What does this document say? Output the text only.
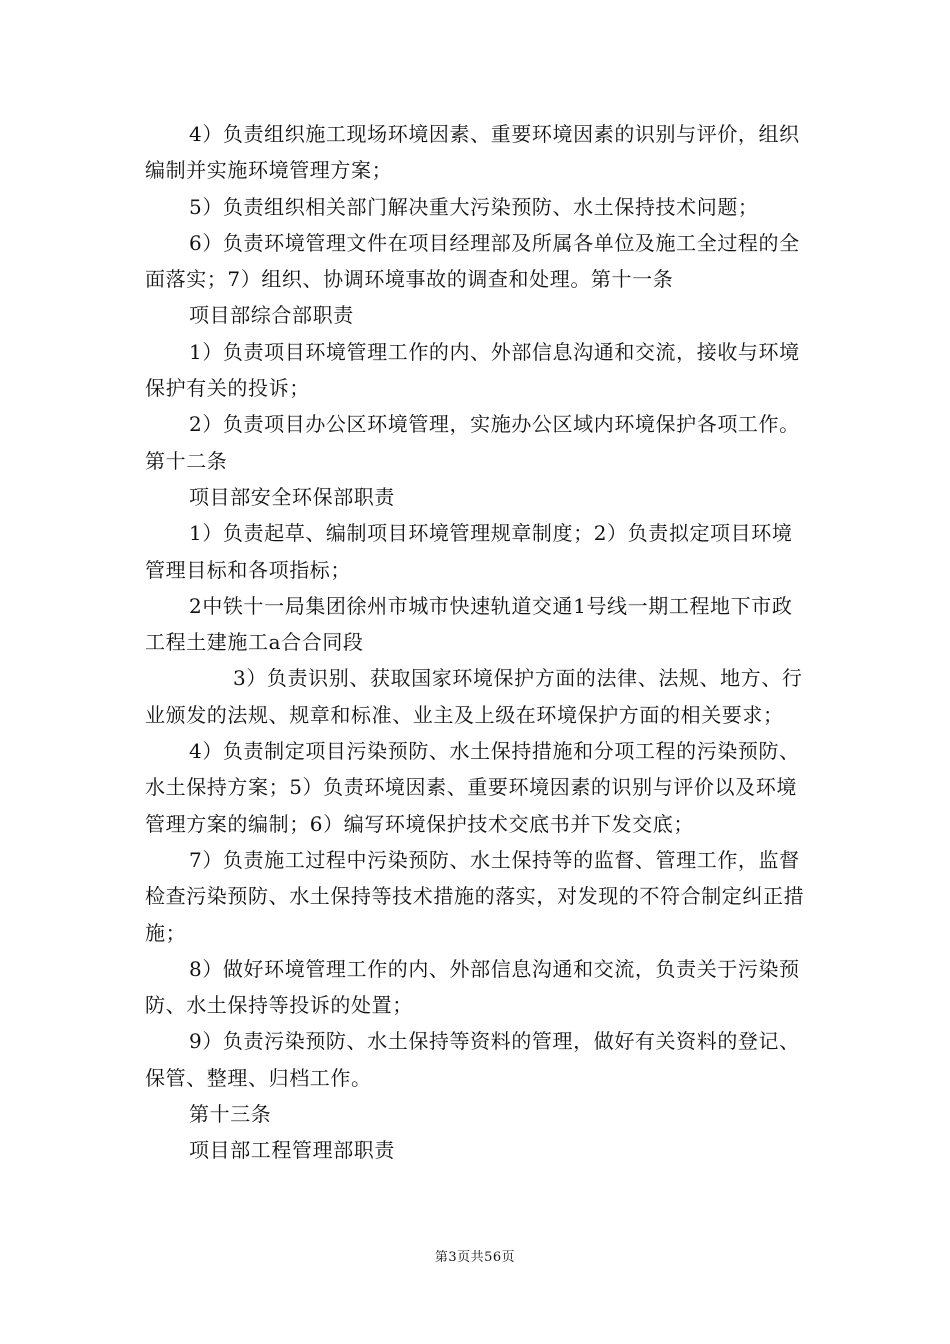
4）负责组织施工现场环境因素、重要环境因素的识别与评价，组织编制并实施环境管理方案；

5）负责组织相关部门解决重大污染预防、水土保持技术问题；

6）负责环境管理文件在项目经理部及所属各单位及施工全过程的全面落实；7）组织、协调环境事故的调查和处理。第十一条

项目部综合部职责

1）负责项目环境管理工作的内、外部信息沟通和交流，接收与环境保护有关的投诉；

2）负责项目办公区环境管理，实施办公区域内环境保护各项工作。第十二条

项目部安全环保部职责

1）负责起草、编制项目环境管理规章制度；2）负责拟定项目环境管理目标和各项指标；

2中铁十一局集团徐州市城市快速轨道交通1号线一期工程地下市政工程土建施工a合合同段

3）负责识别、获取国家环境保护方面的法律、法规、地方、行业颁发的法规、规章和标准、业主及上级在环境保护方面的相关要求；

4）负责制定项目污染预防、水土保持措施和分项工程的污染预防、水土保持方案；5）负责环境因素、重要环境因素的识别与评价以及环境管理方案的编制；6）编写环境保护技术交底书并下发交底；

7）负责施工过程中污染预防、水土保持等的监督、管理工作，监督检查污染预防、水土保持等技术措施的落实，对发现的不符合制定纠正措施；

8）做好环境管理工作的内、外部信息沟通和交流，负责关于污染预防、水土保持等投诉的处置；

9）负责污染预防、水土保持等资料的管理，做好有关资料的登记、保管、整理、归档工作。

第十三条

项目部工程管理部职责

第3页共56页
